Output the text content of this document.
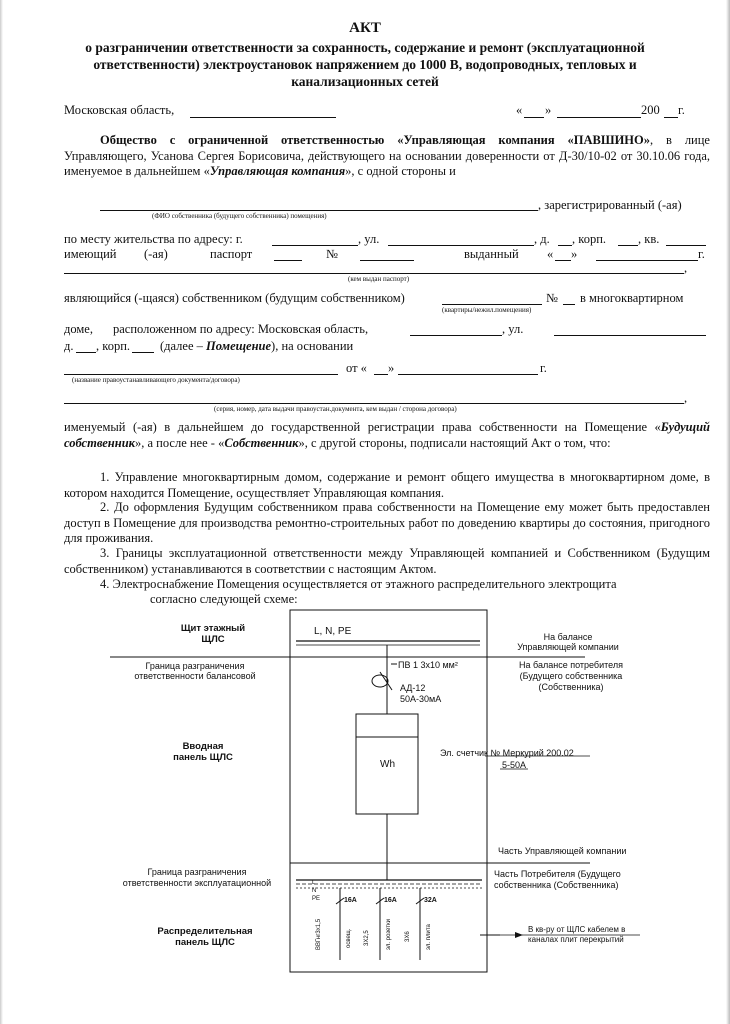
АКТ
о разграничении ответственности за сохранность, содержание и ремонт (эксплуатационной
ответственности) электроустановок напряжением до 1000 В, водопроводных, тепловых и
канализационных сетей
Московская область,	« »	200 г.
Общество с ограниченной ответственностью «Управляющая компания «ПАВШИНО», в лице Управляющего, Усанова Сергея Борисовича, действующего на основании доверенности от Д-30/10-02 от 30.10.06 года, именуемое в дальнейшем «Управляющая компания», с одной стороны и
, зарегистрированный (-ая)
(ФИО собственника (будущего собственника) помещения)
по месту жительства по адресу: г.	, ул.	, д. , корп.	, кв.
имеющий (-ая)	паспорт	№	выданный « »	г.
,
(кем выдан паспорт)
являющийся (-щаяся) собственником (будущим собственником)	№ в многоквартирном
(квартиры/нежил.помещения)
доме, расположенном по адресу: Московская область,	, ул.
д. , корп. (далее – Помещение), на основании
от « »	г.
(название правоустанавливающего документа/договора)
,
(серия, номер, дата выдачи правоустан.документа, кем выдан / сторона договора)
именуемый (-ая) в дальнейшем до государственной регистрации права собственности на Помещение «Будущий собственник», а после нее - «Собственник», с другой стороны, подписали настоящий Акт о том, что:
1. Управление многоквартирным домом, содержание и ремонт общего имущества в многоквартирном доме, в котором находится Помещение, осуществляет Управляющая компания.
2. До оформления Будущим собственником права собственности на Помещение ему может быть предоставлен доступ в Помещение для производства ремонтно-строительных работ по доведению квартиры до состояния, пригодного для проживания.
3. Границы эксплуатационной ответственности между Управляющей компанией и Собственником (Будущим собственником) устанавливаются в соответствии с настоящим Актом.
4. Электроснабжение Помещения осуществляется от этажного распределительного электрощита
согласно следующей схеме:
Щит этажный
ЩЛС
L, N, PE	На балансе
Управляющей компании
Граница разграничения
ответственности балансовой
На балансе потребителя
(Будущего собственника
(Собственника)
ПВ 1 3х10 мм²
АД-12
50А-30мА
Вводная
панель ЩЛС
Wh
Эл. счетчик № Меркурий 200.02
5-50А
Часть Управляющей компании
Граница разграничения
ответственности эксплуатационной
Часть Потребителя (Будущего
собственника (Собственника)
L
N
PE	16А	16А	32А
ВВГнг3х1,5	освещ. 3Х2,5	эл. розетки 3Х6	эл. плита
Распределительная
панель ЩЛС
В кв-ру от ЩЛС кабелем в
каналах плит перекрытий
